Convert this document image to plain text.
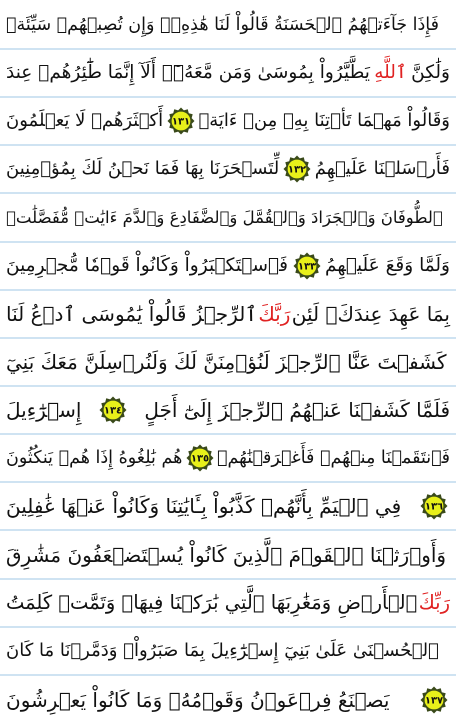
فَإِذَا جَآءَتۡهُمُ ٱلۡحَسَنَةُ قَالُواْ لَنَا هَٰذِهِۦۖ وَإِن تُصِبۡهُمۡ سَيِّئَةٞ
يَطَّيَّرُواْ بِمُوسَىٰ وَمَن مَّعَهُۥٓۗ أَلَآ إِنَّمَا طَٰٓئِرُهُمۡ عِندَ ٱللَّهِ وَلَٰكِنَّ
أَكۡثَرَهُمۡ لَا يَعۡلَمُونَ ١٣١ وَقَالُواْ مَهۡمَا تَأۡتِنَا بِهِۦ مِنۡ ءَايَةٖ
لِّتَسۡحَرَنَا بِهَا فَمَا نَحۡنُ لَكَ بِمُؤۡمِنِينَ ١٣٢ فَأَرۡسَلۡنَا عَلَيۡهِمُ
ٱلطُّوفَانَ وَٱلۡجَرَادَ وَٱلۡقُمَّلَ وَٱلضَّفَادِعَ وَٱلدَّمَ ءَايَٰتٖ مُّفَصَّلَٰتٖ
فَٱسۡتَكۡبَرُواْ وَكَانُواْ قَوۡمٗا مُّجۡرِمِينَ ١٣٣ وَلَمَّا وَقَعَ عَلَيۡهِمُ
ٱلرِّجۡزُ قَالُواْ يَٰمُوسَى ٱدۡعُ لَنَا رَبَّكَ بِمَا عَهِدَ عِندَكَۖ لَئِن
كَشَفۡتَ عَنَّا ٱلرِّجۡزَ لَنُؤۡمِنَنَّ لَكَ وَلَنُرۡسِلَنَّ مَعَكَ بَنِيٓ
إِسۡرَٰٓءِيلَ ١٣٤ فَلَمَّا كَشَفۡنَا عَنۡهُمُ ٱلرِّجۡزَ إِلَىٰٓ أَجَلٍ
هُم بَٰلِغُوهُ إِذَا هُمۡ يَنكُثُونَ ١٣٥ فَٱنتَقَمۡنَا مِنۡهُمۡ فَأَغۡرَقۡنَٰهُمۡ
فِي ٱلۡيَمِّ بِأَنَّهُمۡ كَذَّبُواْ بِـَٔايَٰتِنَا وَكَانُواْ عَنۡهَا غَٰفِلِينَ ١٣٦
وَأَوۡرَثۡنَا ٱلۡقَوۡمَ ٱلَّذِينَ كَانُواْ يُسۡتَضۡعَفُونَ مَشَٰرِقَ
ٱلۡأَرۡضِ وَمَغَٰرِبَهَا ٱلَّتِي بَٰرَكۡنَا فِيهَاۖ وَتَمَّتۡ كَلِمَتُ رَبِّكَ
ٱلۡحُسۡنَىٰ عَلَىٰ بَنِيٓ إِسۡرَٰٓءِيلَ بِمَا صَبَرُواْۖ وَدَمَّرۡنَا مَا كَانَ
يَصۡنَعُ فِرۡعَوۡنُ وَقَوۡمُهُۥ وَمَا كَانُواْ يَعۡرِشُونَ	١٣٧
